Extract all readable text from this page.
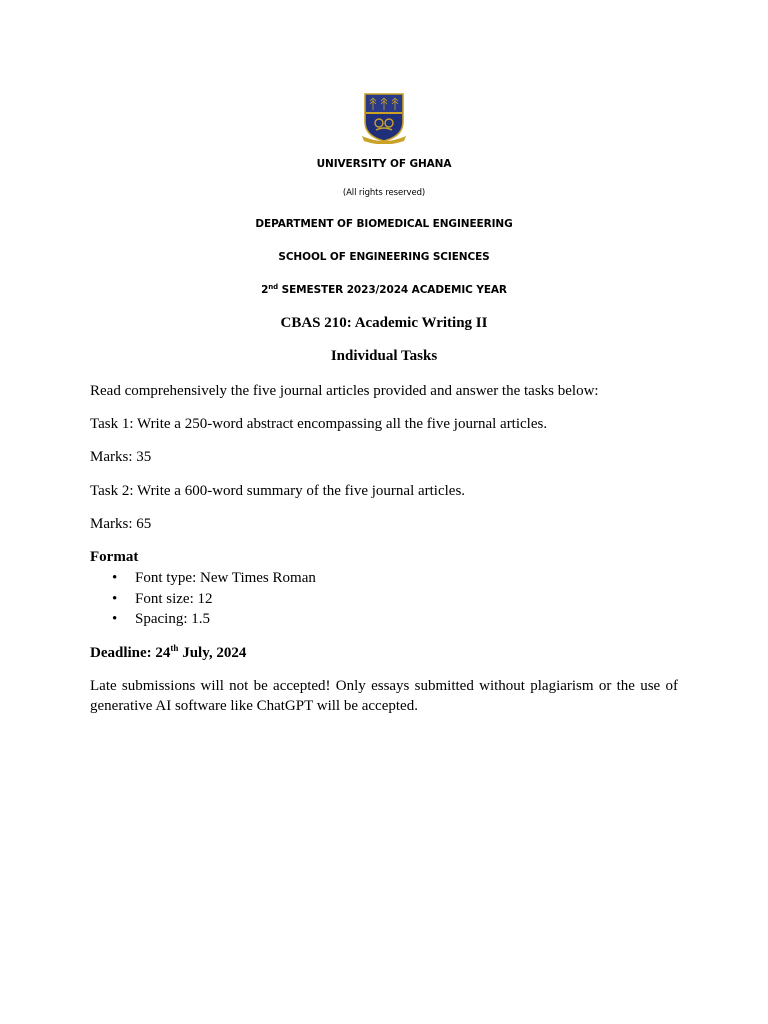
UNIVERSITY OF GHANA
(All rights reserved)
DEPARTMENT OF BIOMEDICAL ENGINEERING
SCHOOL OF ENGINEERING SCIENCES
2nd SEMESTER 2023/2024 ACADEMIC YEAR
CBAS 210: Academic Writing II
Individual Tasks
Read comprehensively the five journal articles provided and answer the tasks below:
Task 1: Write a 250-word abstract encompassing all the five journal articles.
Marks: 35
Task 2: Write a 600-word summary of the five journal articles.
Marks: 65
Format
• Font type: New Times Roman
• Font size: 12
• Spacing: 1.5
Deadline: 24th July, 2024
Late submissions will not be accepted! Only essays submitted without plagiarism or the use of generative AI software like ChatGPT will be accepted.
